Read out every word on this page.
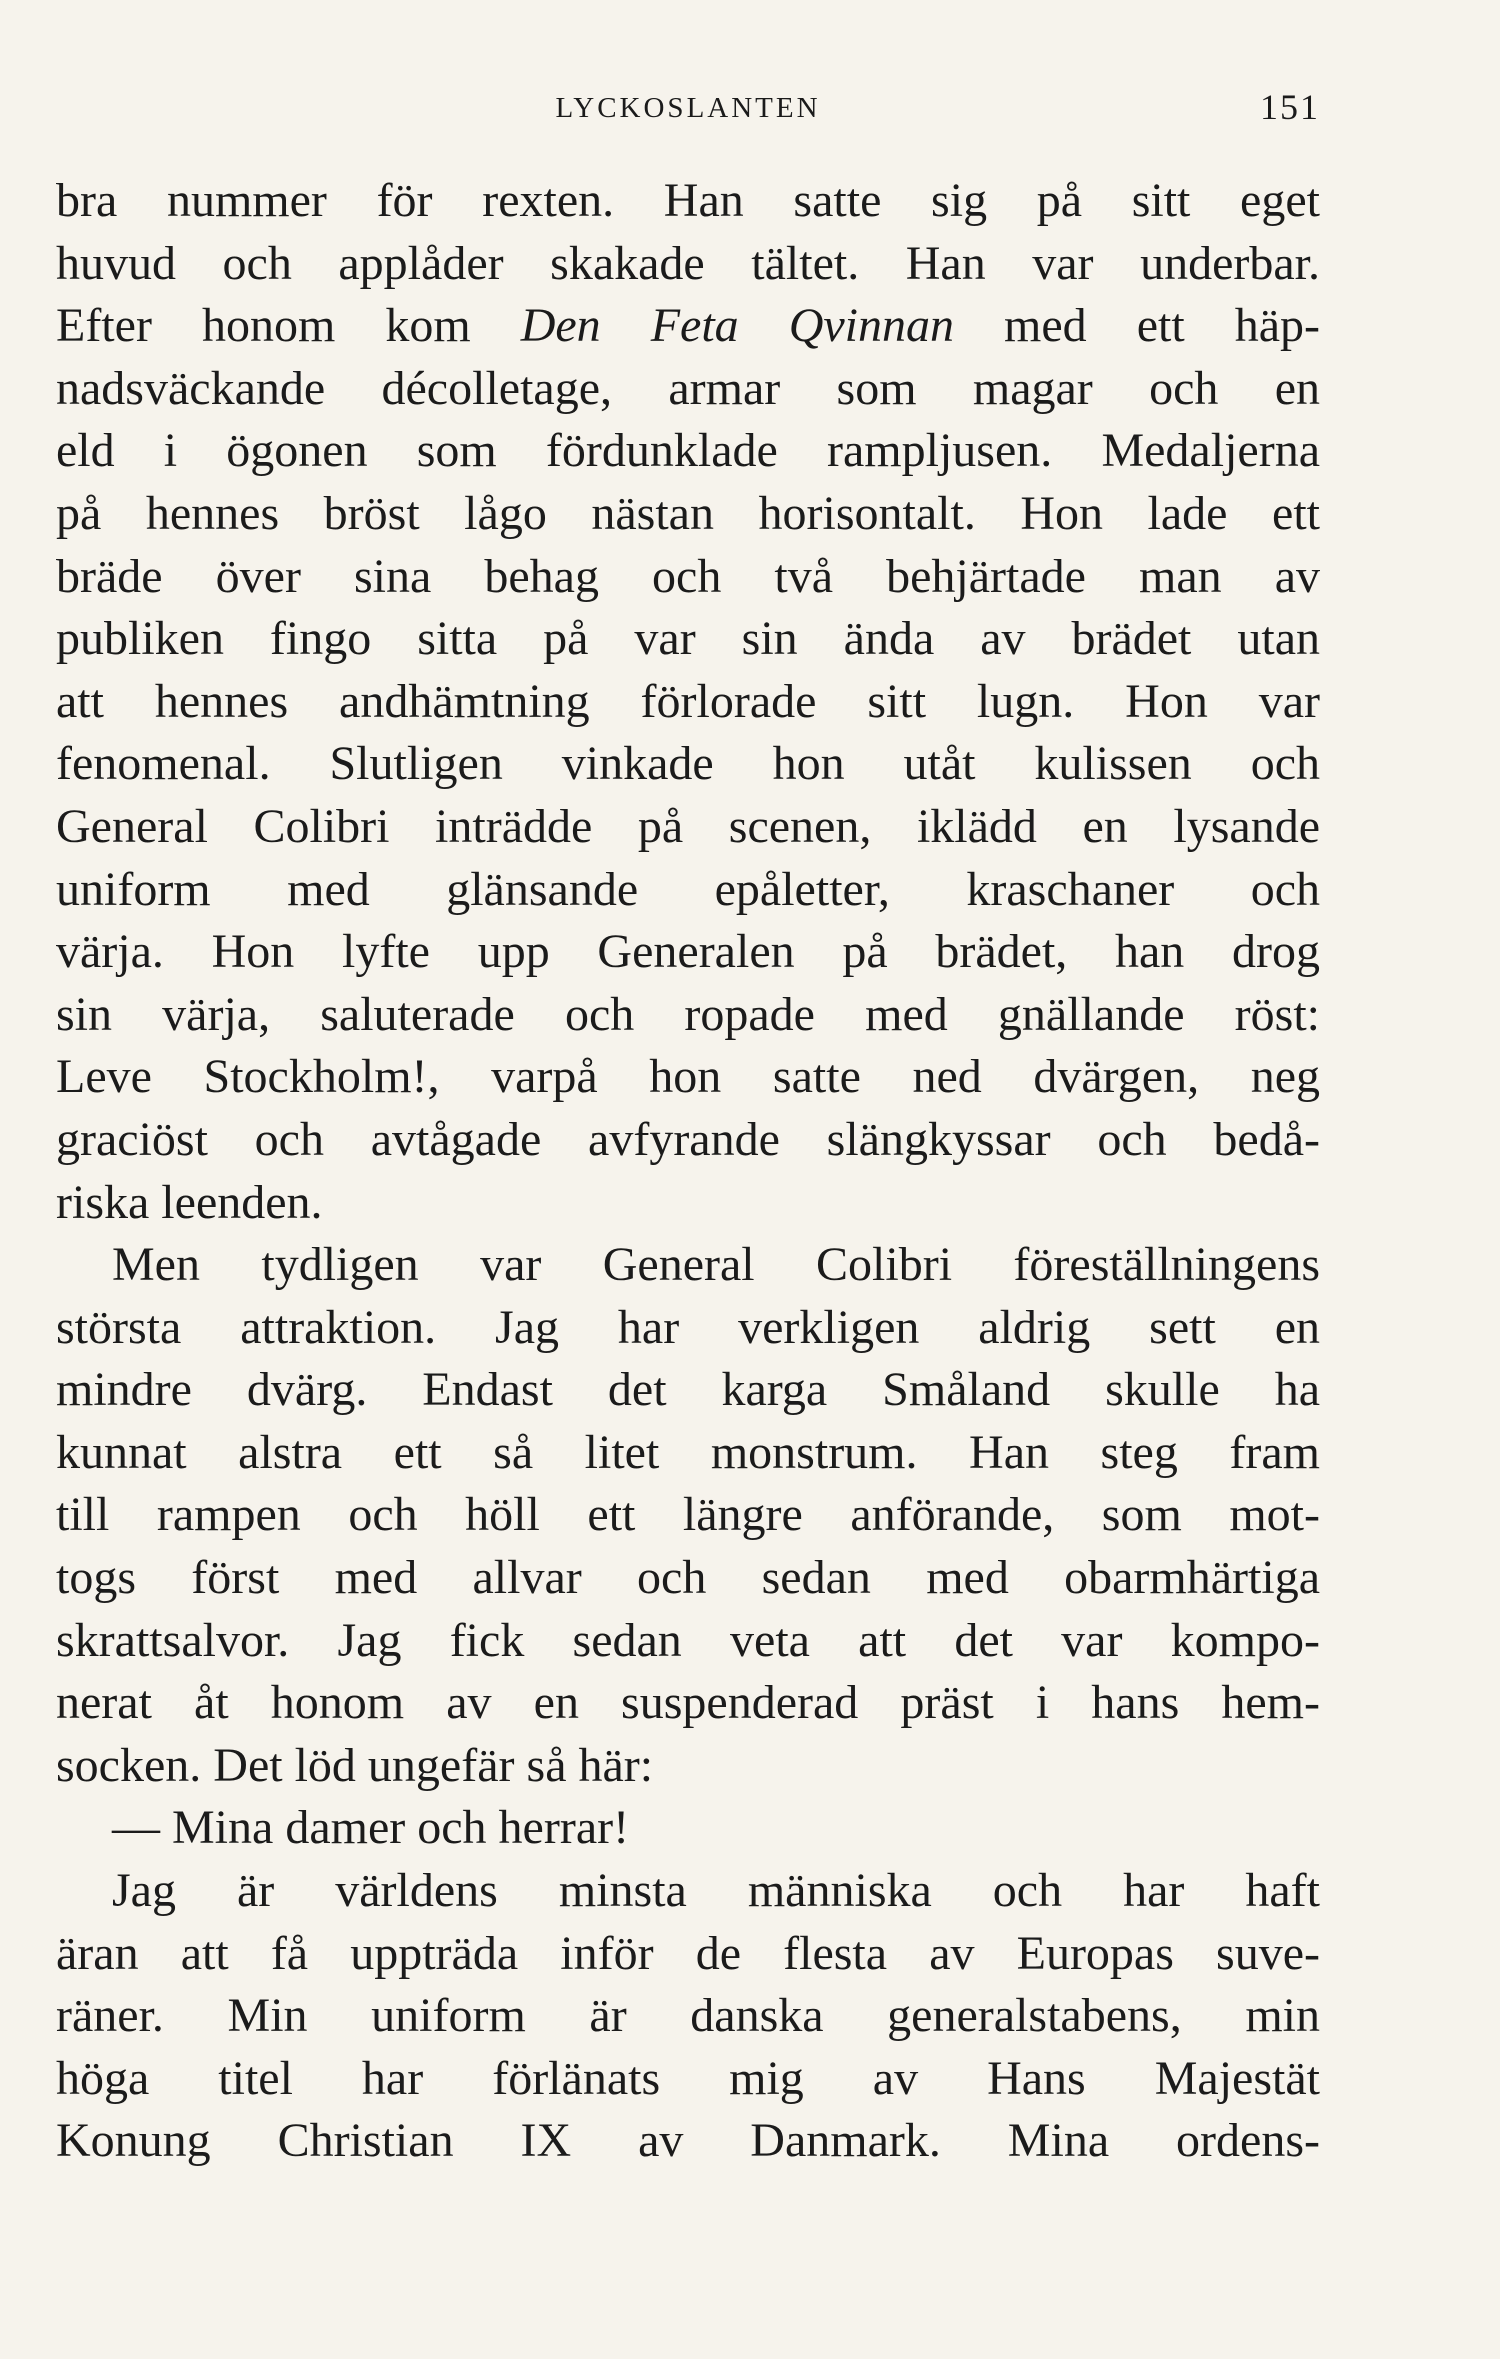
LYCKOSLANTEN	151
bra nummer för rexten. Han satte sig på sitt eget
huvud och applåder skakade tältet. Han var underbar.
Efter honom kom Den Feta Qvinnan med ett häp-
nadsväckande décolletage, armar som magar och en
eld i ögonen som fördunklade rampljusen. Medaljerna
på hennes bröst lågo nästan horisontalt. Hon lade ett
bräde över sina behag och två behjärtade man av
publiken fingo sitta på var sin ända av brädet utan
att hennes andhämtning förlorade sitt lugn. Hon var
fenomenal. Slutligen vinkade hon utåt kulissen och
General Colibri inträdde på scenen, iklädd en lysande
uniform med glänsande epåletter, kraschaner och
värja. Hon lyfte upp Generalen på brädet, han drog
sin värja, saluterade och ropade med gnällande röst:
Leve Stockholm!, varpå hon satte ned dvärgen, neg
graciöst och avtågade avfyrande slängkyssar och bedå-
riska leenden.
Men tydligen var General Colibri föreställningens
största attraktion. Jag har verkligen aldrig sett en
mindre dvärg. Endast det karga Småland skulle ha
kunnat alstra ett så litet monstrum. Han steg fram
till rampen och höll ett längre anförande, som mot-
togs först med allvar och sedan med obarmhärtiga
skrattsalvor. Jag fick sedan veta att det var kompo-
nerat åt honom av en suspenderad präst i hans hem-
socken. Det löd ungefär så här:
— Mina damer och herrar!
Jag är världens minsta människa och har haft
äran att få uppträda inför de flesta av Europas suve-
räner. Min uniform är danska generalstabens, min
höga titel har förlänats mig av Hans Majestät
Konung Christian IX av Danmark. Mina ordens-
